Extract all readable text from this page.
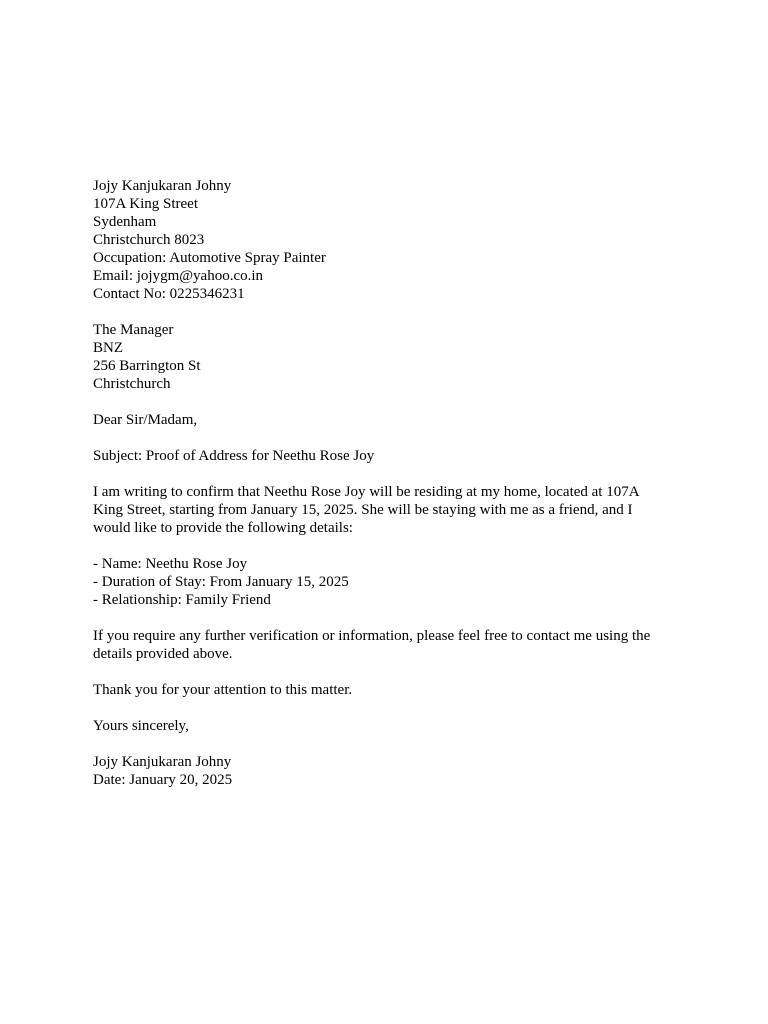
Jojy Kanjukaran Johny
107A King Street
Sydenham
Christchurch 8023
Occupation: Automotive Spray Painter
Email: jojygm@yahoo.co.in
Contact No: 0225346231
The Manager
BNZ
256 Barrington St
Christchurch
Dear Sir/Madam,
Subject: Proof of Address for Neethu Rose Joy
I am writing to confirm that Neethu Rose Joy will be residing at my home, located at 107A
King Street, starting from January 15, 2025. She will be staying with me as a friend, and I
would like to provide the following details:
- Name: Neethu Rose Joy
- Duration of Stay: From January 15, 2025
- Relationship: Family Friend
If you require any further verification or information, please feel free to contact me using the
details provided above.
Thank you for your attention to this matter.
Yours sincerely,
Jojy Kanjukaran Johny
Date: January 20, 2025
